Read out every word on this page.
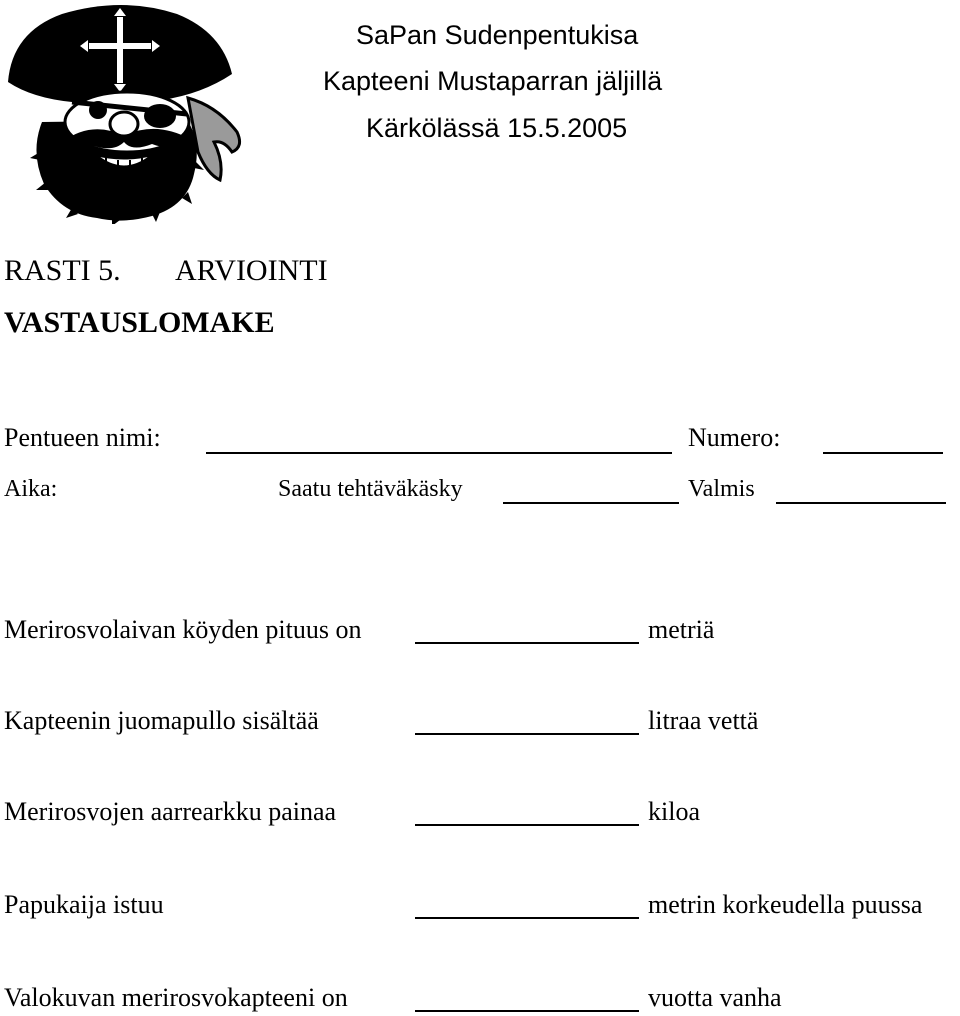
SaPan Sudenpentukisa
Kapteeni Mustaparran jäljillä
Kärkölässä 15.5.2005
RASTI 5. ARVIOINTI
VASTAUSLOMAKE
Pentueen nimi:	Numero:
Aika:	Saatu tehtäväkäsky	Valmis
Merirosvolaivan köyden pituus on	metriä
Kapteenin juomapullo sisältää	litraa vettä
Merirosvojen aarrearkku painaa	kiloa
Papukaija istuu	metrin korkeudella puussa
Valokuvan merirosvokapteeni on	vuotta vanha
